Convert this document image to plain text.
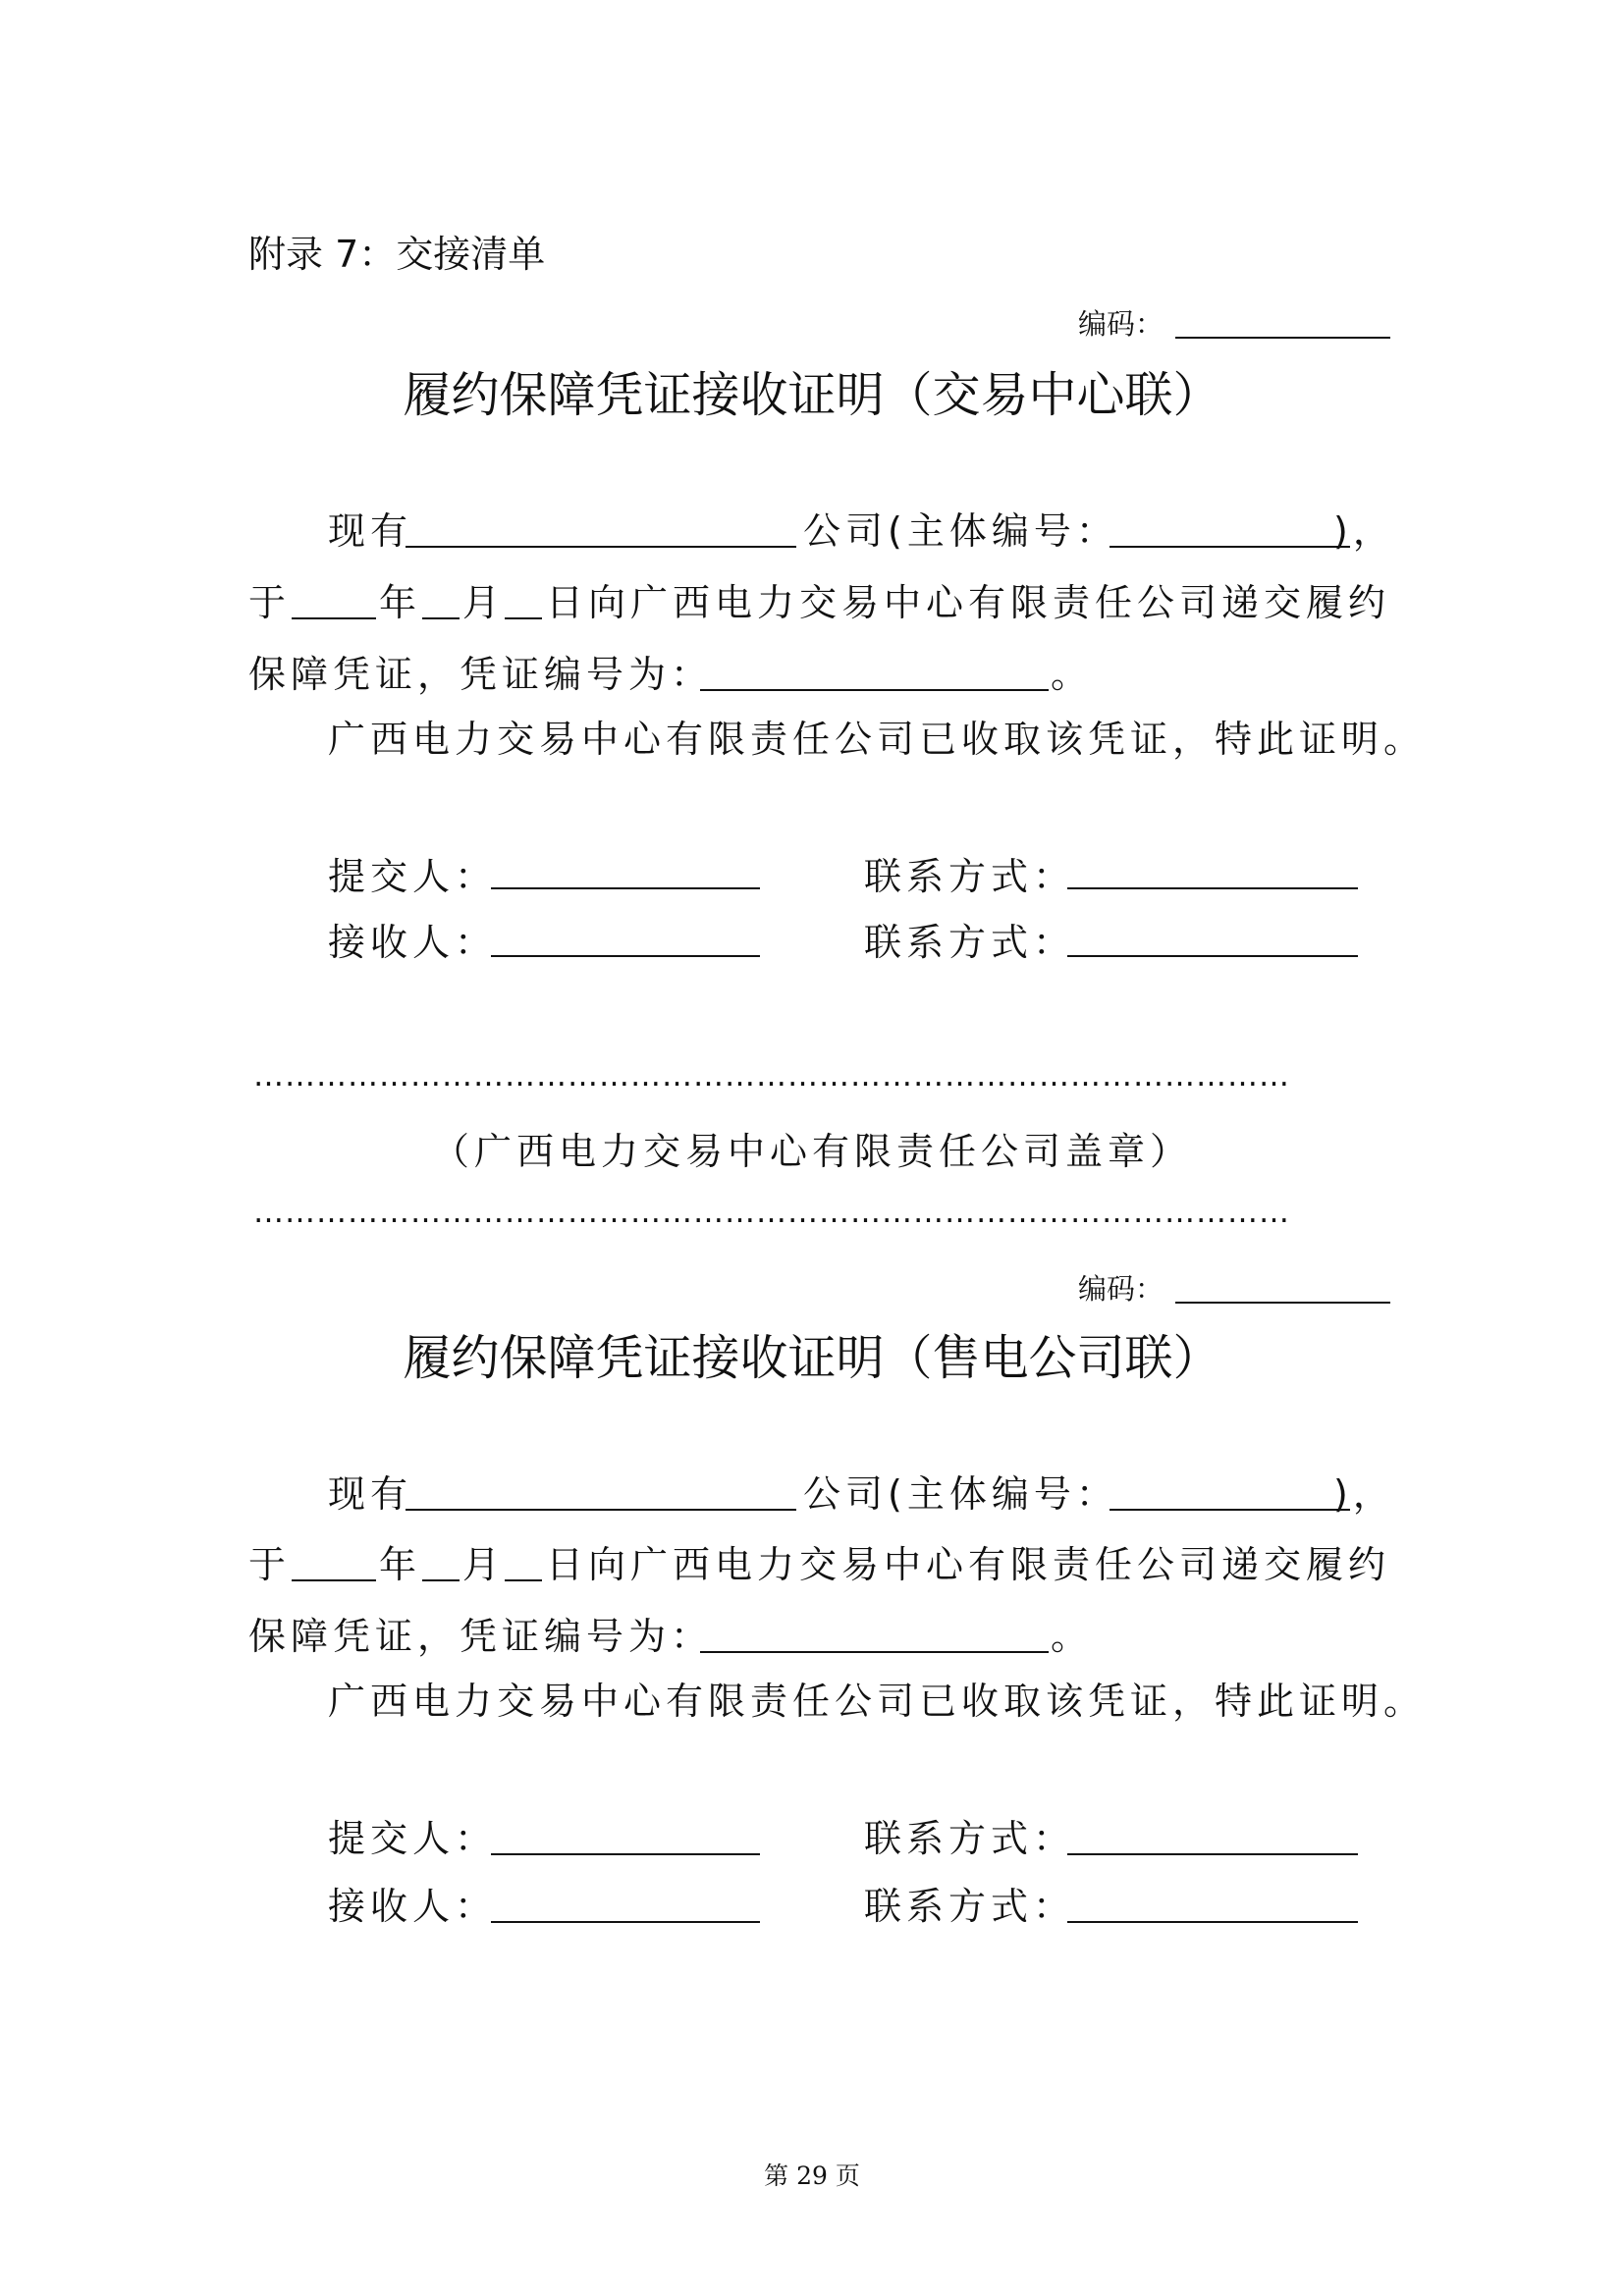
附录 7：交接清单
编码：
履约保障凭证接收证明（交易中心联）
现有	公司(主体编号：	)，
于 年 月 日向广西电力交易中心有限责任公司递交履约
保障凭证，凭证编号为：	。
广西电力交易中心有限责任公司已收取该凭证，特此证明。
提交人：	联系方式：
接收人：	联系方式：
………………………………………………………………………………………
（广西电力交易中心有限责任公司盖章）
………………………………………………………………………………………
编码：
履约保障凭证接收证明（售电公司联）
现有	公司(主体编号：	)，
于 年 月 日向广西电力交易中心有限责任公司递交履约
保障凭证，凭证编号为：	。
广西电力交易中心有限责任公司已收取该凭证，特此证明。
提交人：	联系方式：
接收人：	联系方式：
第 29 页
